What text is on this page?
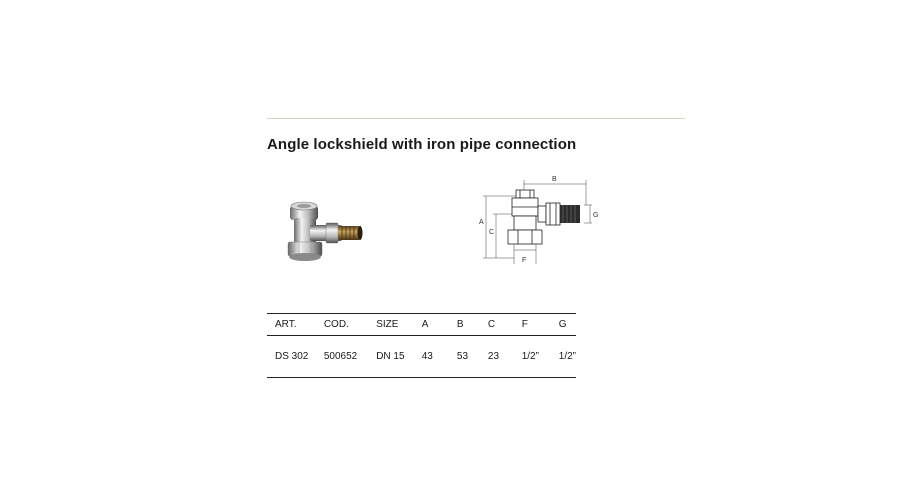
Angle lockshield with iron pipe connection
A
C
B
G
F
ART.	COD.	SIZE	A	B	C	F	G
DS 302	500652	DN 15	43	53	23	1/2”	1/2”
